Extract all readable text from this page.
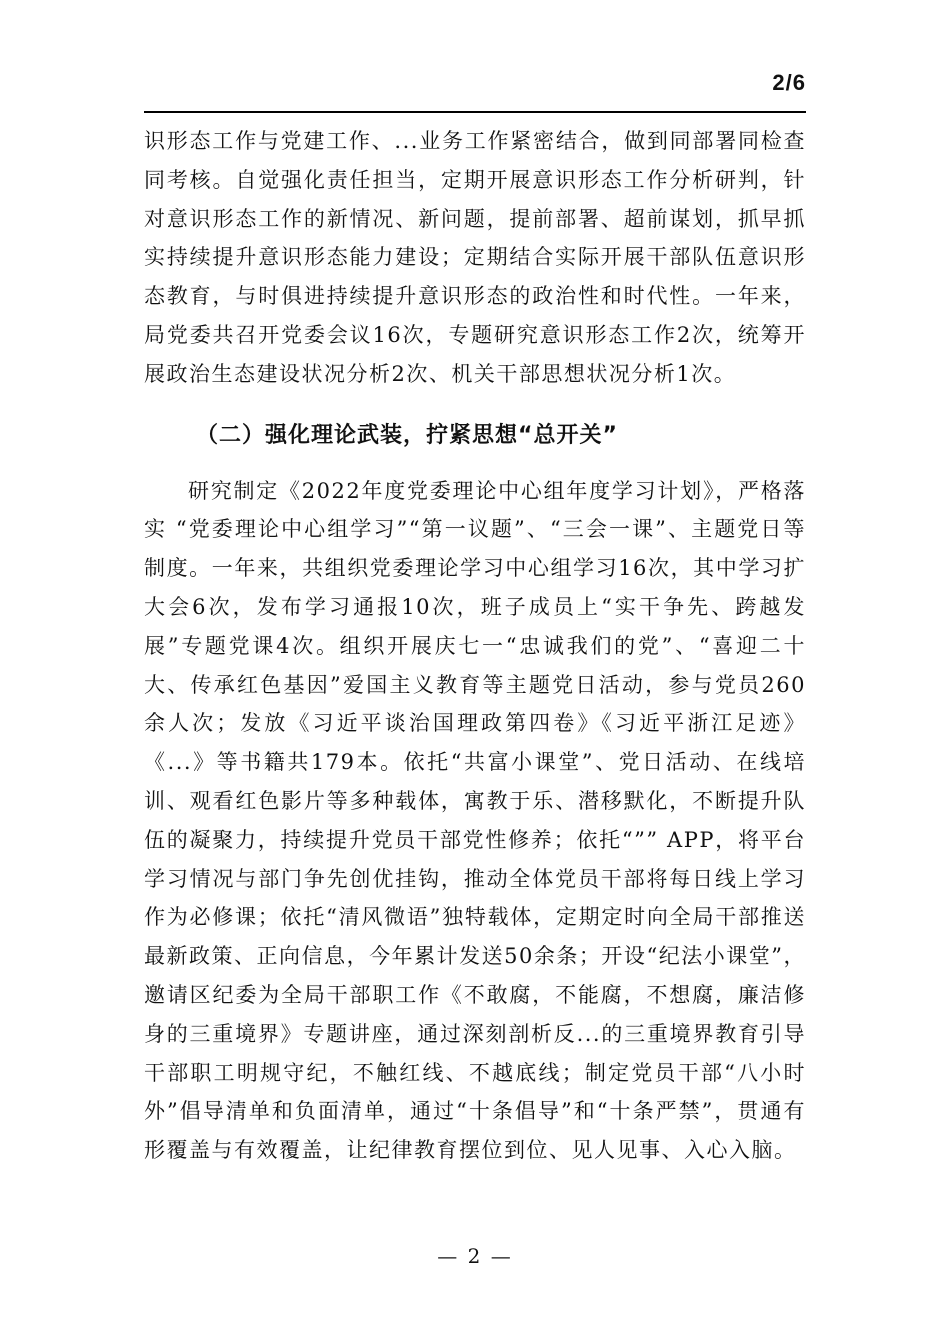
2/6

识形态工作与党建工作、...业务工作紧密结合，做到同部署同检查同考核。自觉强化责任担当，定期开展意识形态工作分析研判，针对意识形态工作的新情况、新问题，提前部署、超前谋划，抓早抓实持续提升意识形态能力建设；定期结合实际开展干部队伍意识形态教育，与时俱进持续提升意识形态的政治性和时代性。一年来，局党委共召开党委会议16次，专题研究意识形态工作2次，统筹开展政治生态建设状况分析2次、机关干部思想状况分析1次。

（二）强化理论武装，拧紧思想“总开关”

研究制定《2022年度党委理论中心组年度学习计划》，严格落实 “党委理论中心组学习”“第一议题”、“三会一课”、主题党日等制度。一年来，共组织党委理论学习中心组学习16次，其中学习扩大会6次，发布学习通报10次，班子成员上“实干争先、跨越发展”专题党课4次。组织开展庆七一“忠诚我们的党”、“喜迎二十大、传承红色基因”爱国主义教育等主题党日活动，参与党员260余人次；发放《习近平谈治国理政第四卷》《习近平浙江足迹》《...》等书籍共179本。依托“共富小课堂”、党日活动、在线培训、观看红色影片等多种载体，寓教于乐、潜移默化，不断提升队伍的凝聚力，持续提升党员干部党性修养；依托“”” APP，将平台学习情况与部门争先创优挂钩，推动全体党员干部将每日线上学习作为必修课；依托“清风微语”独特载体，定期定时向全局干部推送最新政策、正向信息，今年累计发送50余条；开设“纪法小课堂”，邀请区纪委为全局干部职工作《不敢腐，不能腐，不想腐，廉洁修身的三重境界》专题讲座，通过深刻剖析反...的三重境界教育引导干部职工明规守纪，不触红线、不越底线；制定党员干部“八小时外”倡导清单和负面清单，通过“十条倡导”和“十条严禁”，贯通有形覆盖与有效覆盖，让纪律教育摆位到位、见人见事、入心入脑。

— 2 —
